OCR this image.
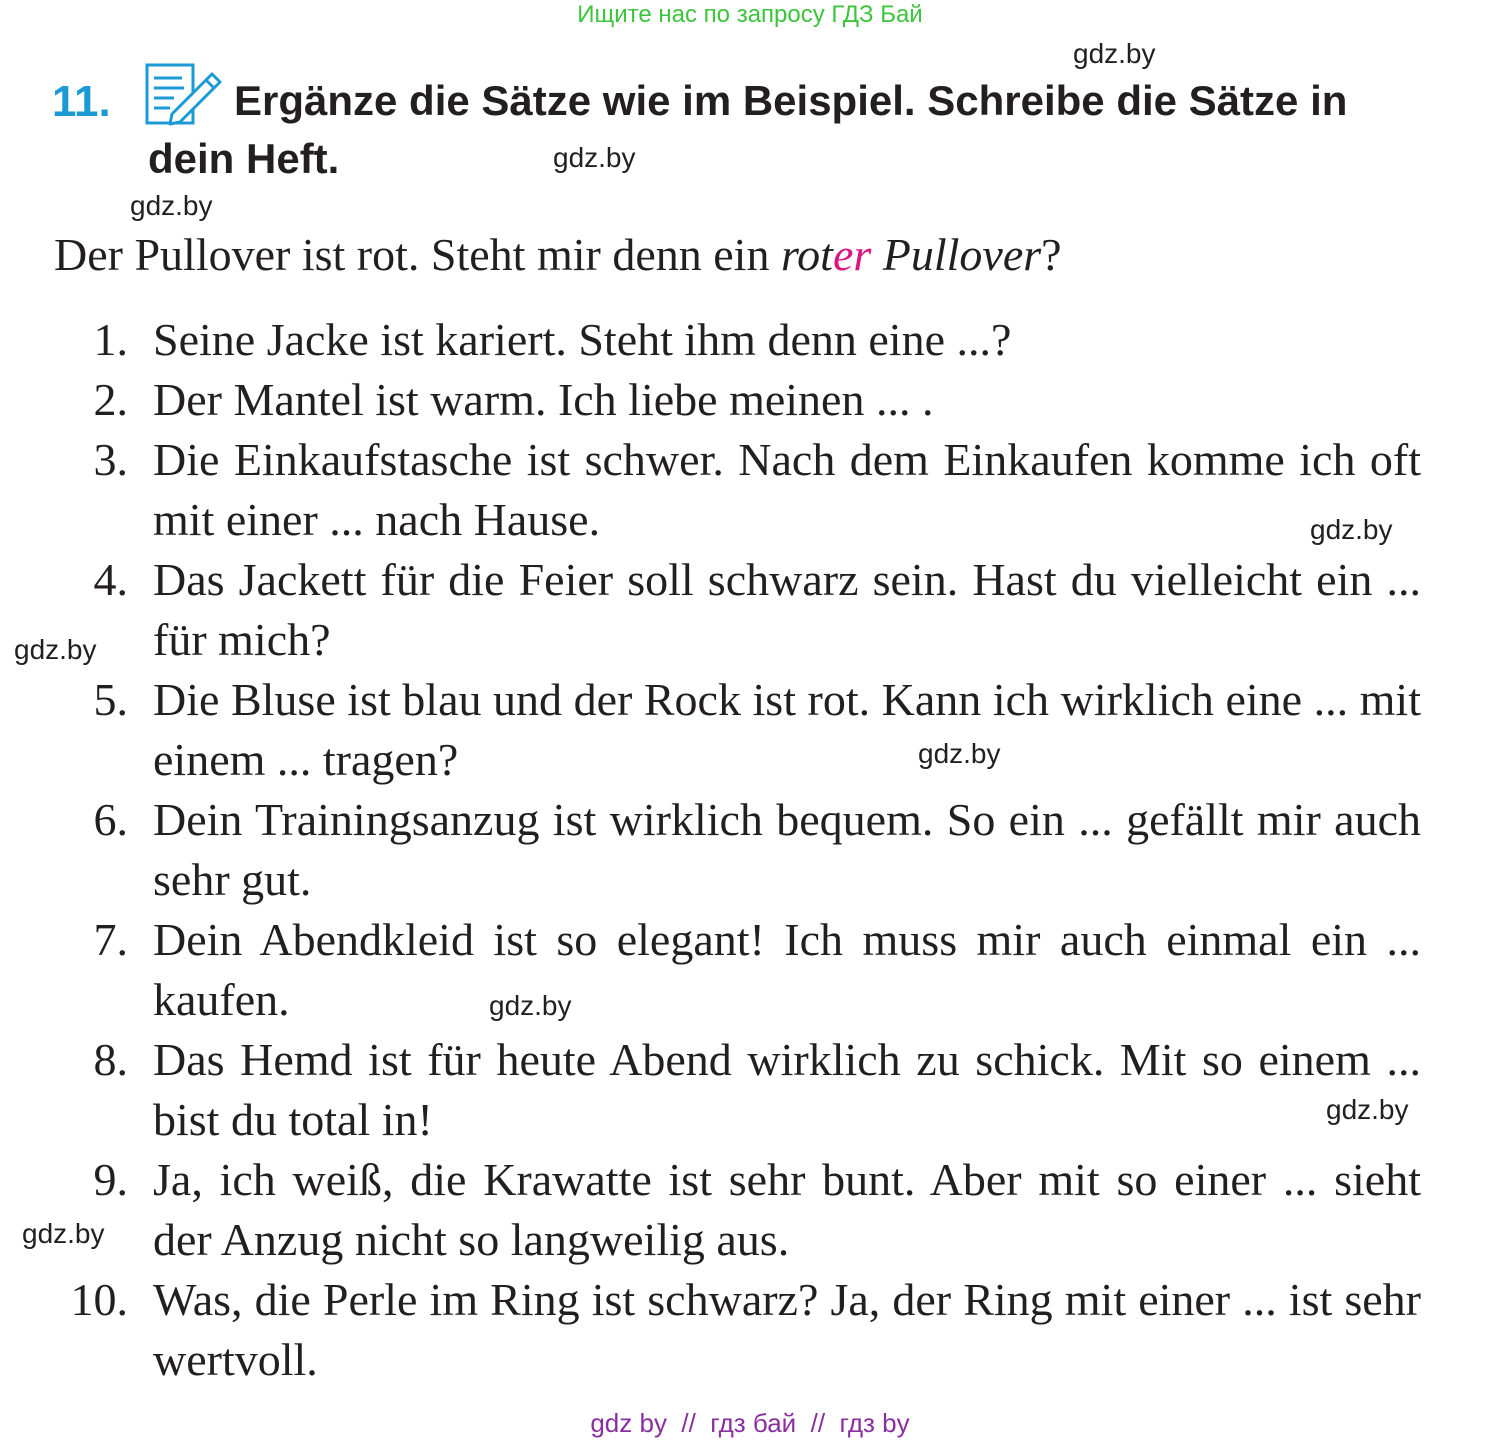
Ищите нас по запросу ГДЗ Бай
gdz.by
gdz.by
gdz.by
gdz.by
gdz.by
gdz.by
gdz.by
gdz.by
gdz.by
11.	Ergänze die Sätze wie im Beispiel. Schreibe die Sätze in dein Heft.
Der Pullover ist rot. Steht mir denn ein roter Pullover?
1. Seine Jacke ist kariert. Steht ihm denn eine ...?
2. Der Mantel ist warm. Ich liebe meinen ... .
3. Die Einkaufstasche ist schwer. Nach dem Einkaufen komme ich oft mit einer ... nach Hause.
4. Das Jackett für die Feier soll schwarz sein. Hast du vielleicht ein ... für mich?
5. Die Bluse ist blau und der Rock ist rot. Kann ich wirklich eine ... mit einem ... tragen?
6. Dein Trainingsanzug ist wirklich bequem. So ein ... gefällt mir auch sehr gut.
7. Dein Abendkleid ist so elegant! Ich muss mir auch einmal ein ... kaufen.
8. Das Hemd ist für heute Abend wirklich zu schick. Mit so einem ... bist du total in!
9. Ja, ich weiß, die Krawatte ist sehr bunt. Aber mit so einer ... sieht der Anzug nicht so langweilig aus.
10. Was, die Perle im Ring ist schwarz? Ja, der Ring mit einer ... ist sehr wertvoll.
gdz by  //  гдз бай  //  гдз by
